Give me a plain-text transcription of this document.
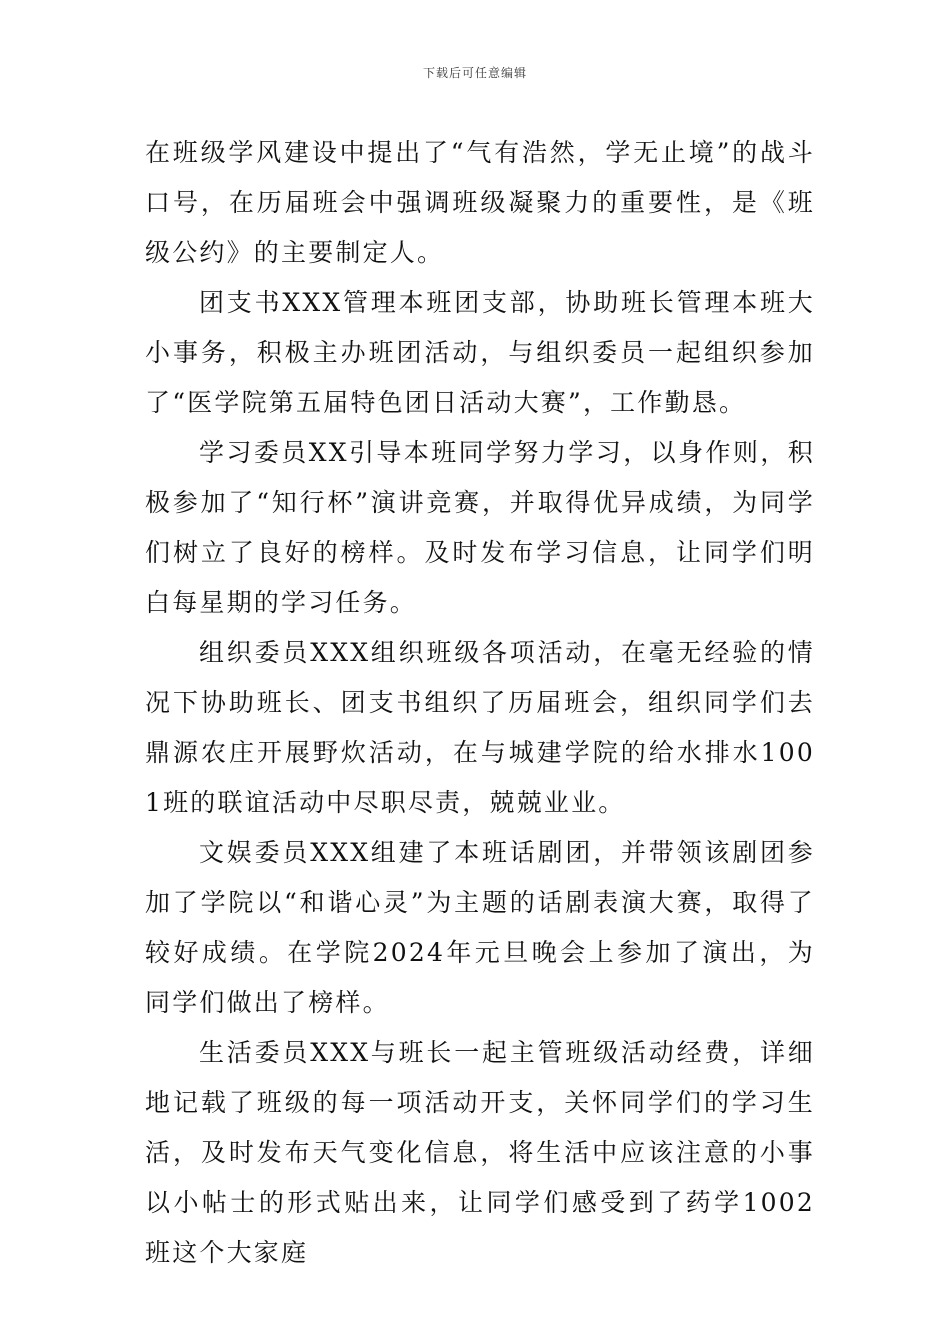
下载后可任意编辑

在班级学风建设中提出了“气有浩然，学无止境”的战斗口号，在历届班会中强调班级凝聚力的重要性，是《班级公约》的主要制定人。

团支书XXX管理本班团支部，协助班长管理本班大小事务，积极主办班团活动，与组织委员一起组织参加了“医学院第五届特色团日活动大赛”，工作勤恳。

学习委员XX引导本班同学努力学习，以身作则，积极参加了“知行杯”演讲竞赛，并取得优异成绩，为同学们树立了良好的榜样。及时发布学习信息，让同学们明白每星期的学习任务。

组织委员XXX组织班级各项活动，在毫无经验的情况下协助班长、团支书组织了历届班会，组织同学们去鼎源农庄开展野炊活动，在与城建学院的给水排水1001班的联谊活动中尽职尽责，兢兢业业。

文娱委员XXX组建了本班话剧团，并带领该剧团参加了学院以“和谐心灵”为主题的话剧表演大赛，取得了较好成绩。在学院2024年元旦晚会上参加了演出，为同学们做出了榜样。

生活委员XXX与班长一起主管班级活动经费，详细地记载了班级的每一项活动开支，关怀同学们的学习生活，及时发布天气变化信息，将生活中应该注意的小事以小帖士的形式贴出来，让同学们感受到了药学1002班这个大家庭
